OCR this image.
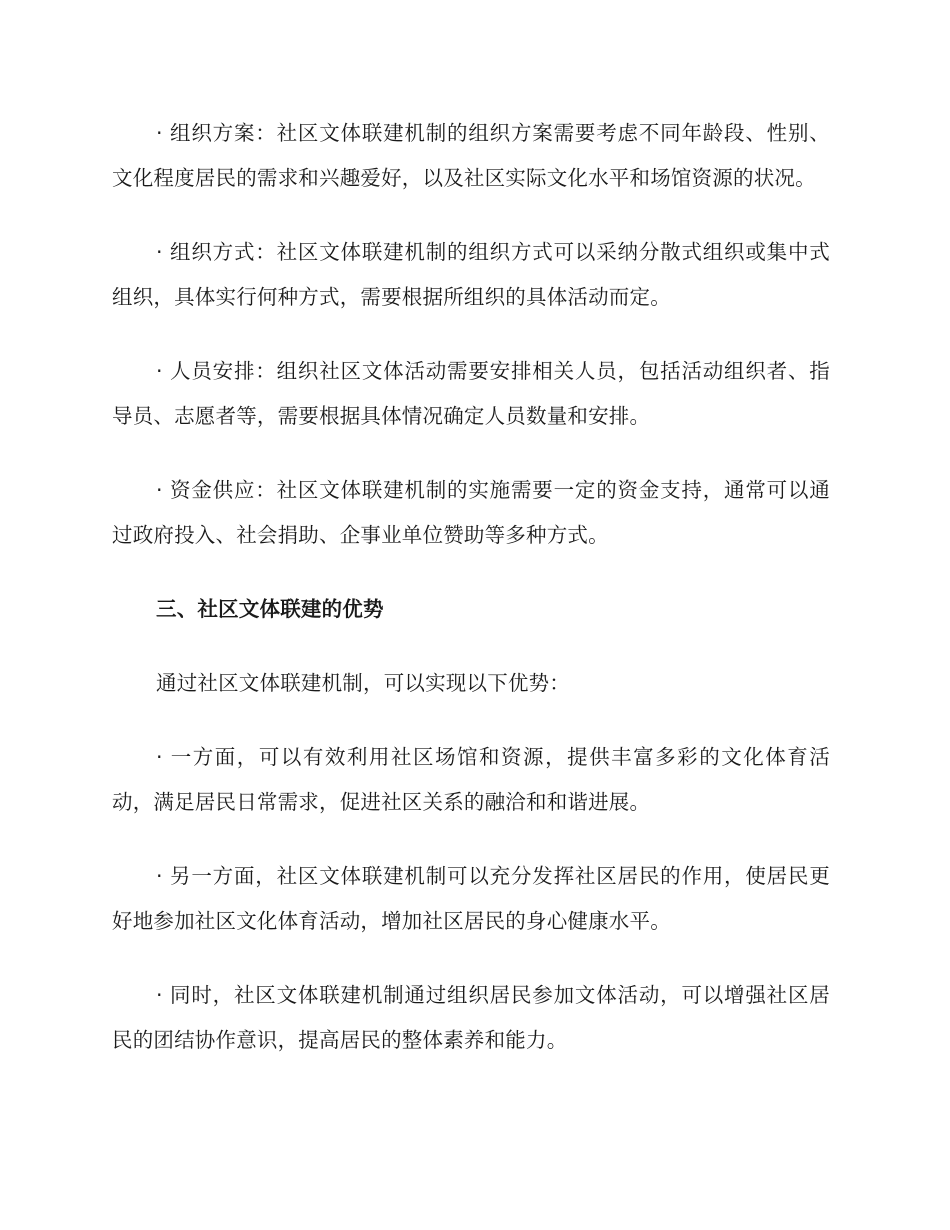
· 组织方案：社区文体联建机制的组织方案需要考虑不同年龄段、性别、文化程度居民的需求和兴趣爱好，以及社区实际文化水平和场馆资源的状况。

· 组织方式：社区文体联建机制的组织方式可以采纳分散式组织或集中式组织，具体实行何种方式，需要根据所组织的具体活动而定。

· 人员安排：组织社区文体活动需要安排相关人员，包括活动组织者、指导员、志愿者等，需要根据具体情况确定人员数量和安排。

· 资金供应：社区文体联建机制的实施需要一定的资金支持，通常可以通过政府投入、社会捐助、企事业单位赞助等多种方式。

三、社区文体联建的优势

通过社区文体联建机制，可以实现以下优势：

· 一方面，可以有效利用社区场馆和资源，提供丰富多彩的文化体育活动，满足居民日常需求，促进社区关系的融洽和和谐进展。

· 另一方面，社区文体联建机制可以充分发挥社区居民的作用，使居民更好地参加社区文化体育活动，增加社区居民的身心健康水平。

· 同时，社区文体联建机制通过组织居民参加文体活动，可以增强社区居民的团结协作意识，提高居民的整体素养和能力。
